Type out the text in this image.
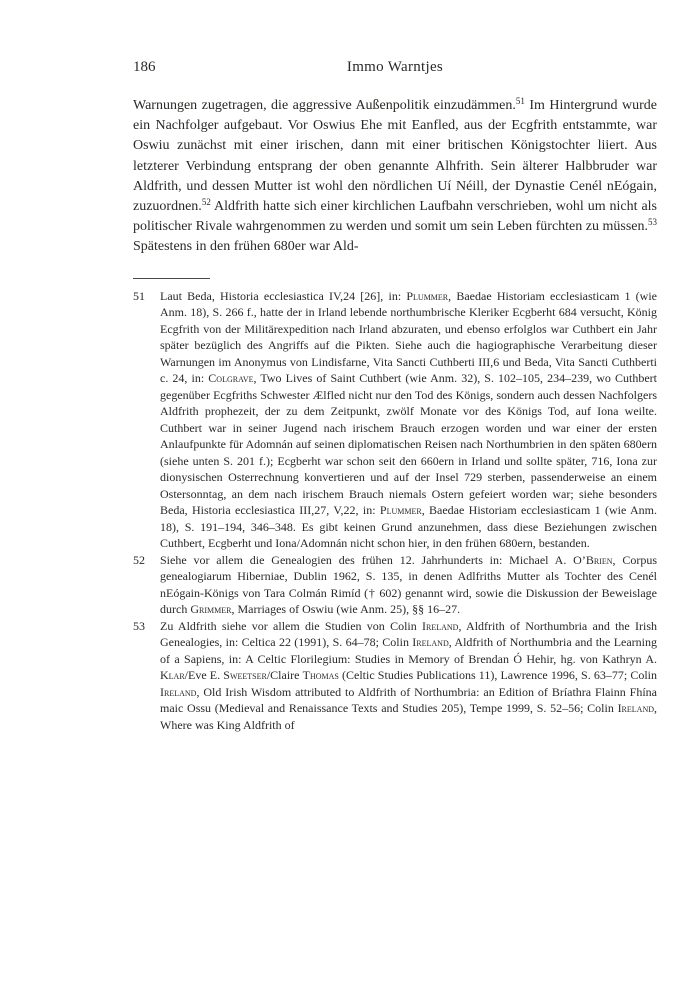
186	Immo Warntjes

Warnungen zugetragen, die aggressive Außenpolitik einzudämmen.$^{51}$ Im Hintergrund wurde ein Nachfolger aufgebaut. Vor Oswius Ehe mit Eanfled, aus der Ecgfrith entstammte, war Oswiu zunächst mit einer irischen, dann mit einer britischen Königstochter liiert. Aus letzterer Verbindung entsprang der oben genannte Alhfrith. Sein älterer Halbbruder war Aldfrith, und dessen Mutter ist wohl den nördlichen Uí Néill, der Dynastie Cenél nEógain, zuzuordnen.$^{52}$ Aldfrith hatte sich einer kirchlichen Laufbahn verschrieben, wohl um nicht als politischer Rivale wahrgenommen zu werden und somit um sein Leben fürchten zu müssen.$^{53}$ Spätestens in den frühen 680er war Ald-

51	Laut Beda, Historia ecclesiastica IV,24 [26], in: Plummer, Baedae Historiam ecclesiasticam 1 (wie Anm. 18), S. 266 f., hatte der in Irland lebende northumbrische Kleriker Ecgberht 684 versucht, König Ecgfrith von der Militärexpedition nach Irland abzuraten, und ebenso erfolglos war Cuthbert ein Jahr später bezüglich des Angriffs auf die Pikten. Siehe auch die hagiographische Verarbeitung dieser Warnungen im Anonymus von Lindisfarne, Vita Sancti Cuthberti III,6 und Beda, Vita Sancti Cuthberti c. 24, in: Colgrave, Two Lives of Saint Cuthbert (wie Anm. 32), S. 102–105, 234–239, wo Cuthbert gegenüber Ecgfriths Schwester Ælfled nicht nur den Tod des Königs, sondern auch dessen Nachfolgers Aldfrith prophezeit, der zu dem Zeitpunkt, zwölf Monate vor des Königs Tod, auf Iona weilte. Cuthbert war in seiner Jugend nach irischem Brauch erzogen worden und war einer der ersten Anlaufpunkte für Adomnán auf seinen diplomatischen Reisen nach Northumbrien in den späten 680ern (siehe unten S. 201 f.); Ecgberht war schon seit den 660ern in Irland und sollte später, 716, Iona zur dionysischen Osterrechnung konvertieren und auf der Insel 729 sterben, passenderweise an einem Ostersonntag, an dem nach irischem Brauch niemals Ostern gefeiert worden war; siehe besonders Beda, Historia ecclesiastica III,27, V,22, in: Plummer, Baedae Historiam ecclesiasticam 1 (wie Anm. 18), S. 191–194, 346–348. Es gibt keinen Grund anzunehmen, dass diese Beziehungen zwischen Cuthbert, Ecgberht und Iona/Adomnán nicht schon hier, in den frühen 680ern, bestanden.
52	Siehe vor allem die Genealogien des frühen 12. Jahrhunderts in: Michael A. O’Brien, Corpus genealogiarum Hiberniae, Dublin 1962, S. 135, in denen Adlfriths Mutter als Tochter des Cenél nEógain-Königs von Tara Colmán Rimíd († 602) genannt wird, sowie die Diskussion der Beweislage durch Grimmer, Marriages of Oswiu (wie Anm. 25), §§ 16–27.
53	Zu Aldfrith siehe vor allem die Studien von Colin Ireland, Aldfrith of Northumbria and the Irish Genealogies, in: Celtica 22 (1991), S. 64–78; Colin Ireland, Aldfrith of Northumbria and the Learning of a Sapiens, in: A Celtic Florilegium: Studies in Memory of Brendan Ó Hehir, hg. von Kathryn A. Klar/Eve E. Sweetser/Claire Thomas (Celtic Studies Publications 11), Lawrence 1996, S. 63–77; Colin Ireland, Old Irish Wisdom attributed to Aldfrith of Northumbria: an Edition of Bríathra Flainn Fhína maic Ossu (Medieval and Renaissance Texts and Studies 205), Tempe 1999, S. 52–56; Colin Ireland, Where was King Aldfrith of
